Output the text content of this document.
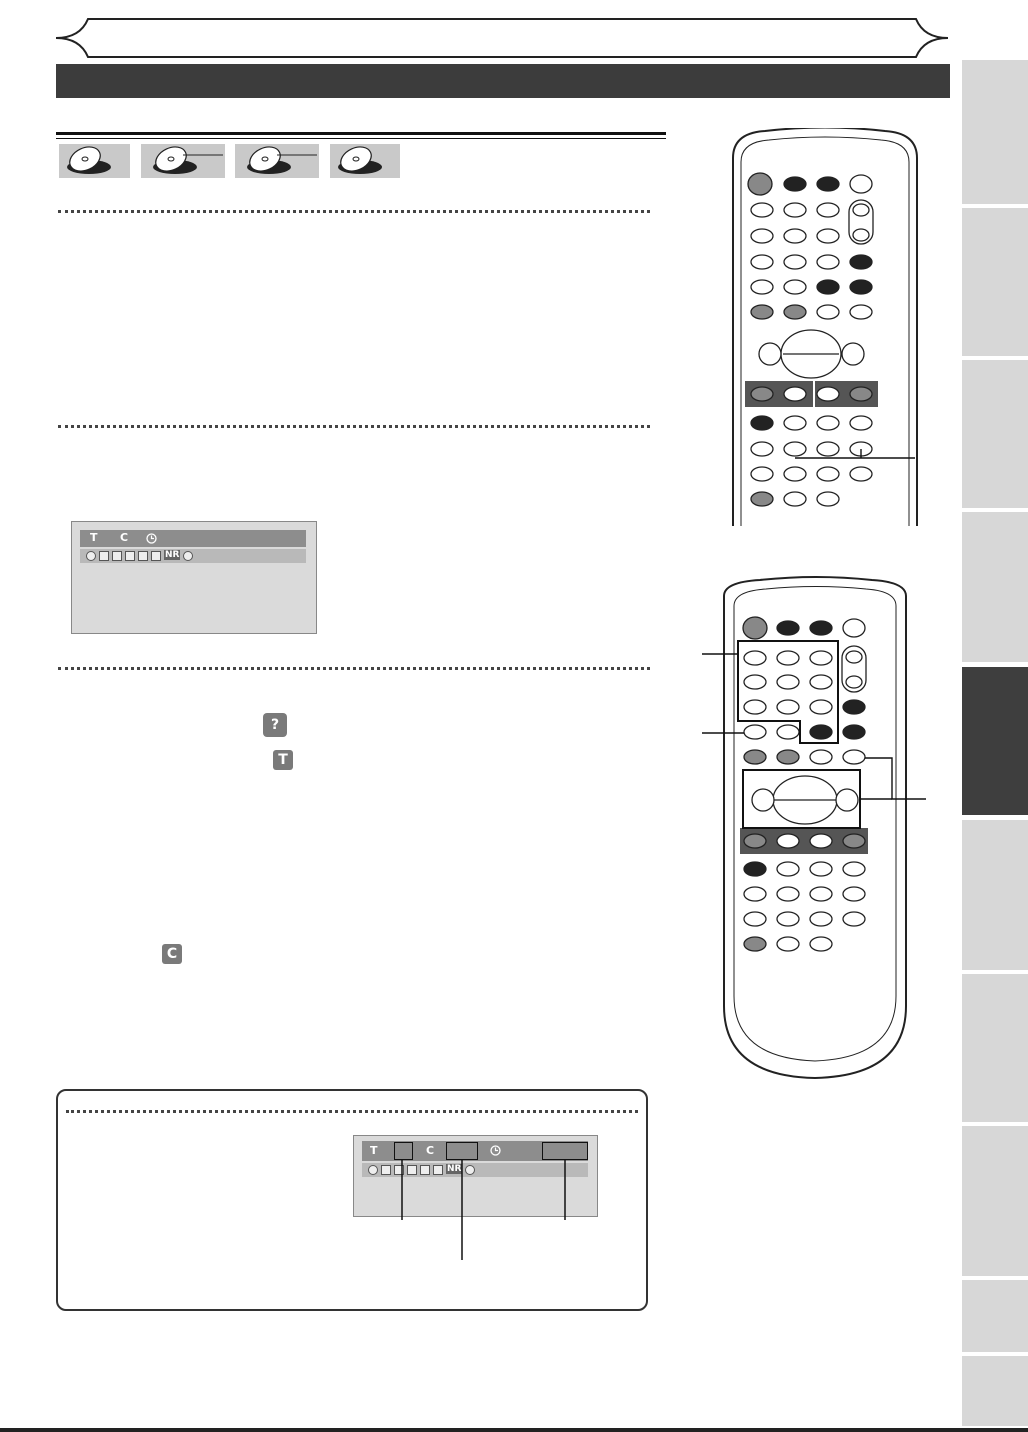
T C
NR
?
T
C
T	C
NR
